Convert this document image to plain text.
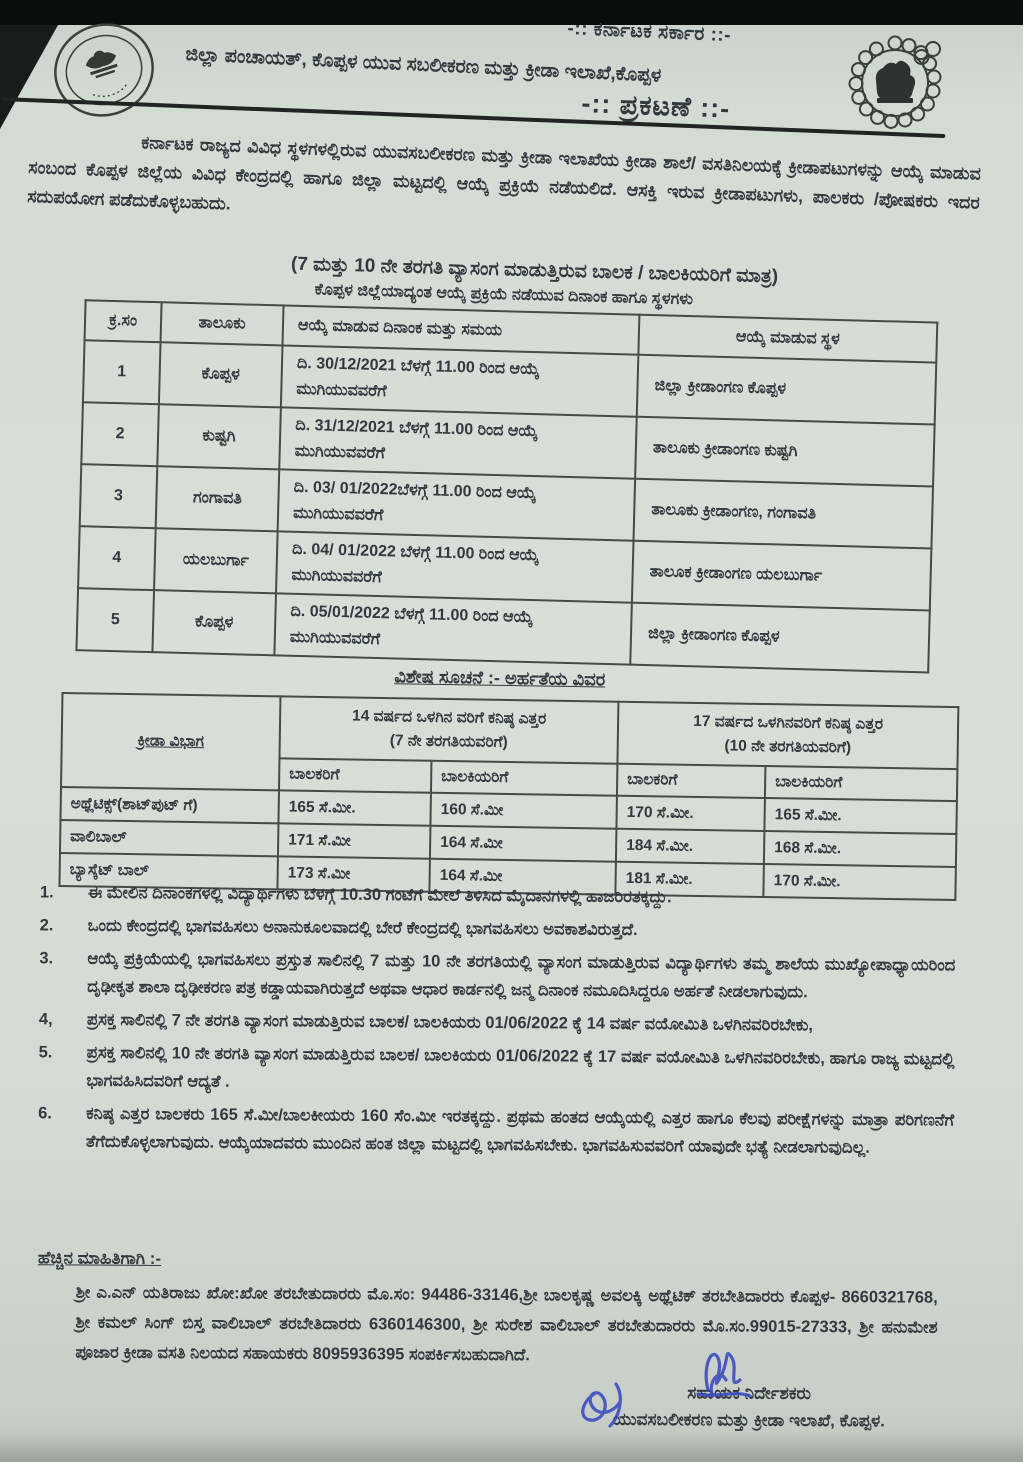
-:: ಕರ್ನಾಟಕ ಸರ್ಕಾರ ::-
ಜಿಲ್ಲಾ ಪಂಚಾಯತ್, ಕೊಪ್ಪಳ ಯುವ ಸಬಲೀಕರಣ ಮತ್ತು ಕ್ರೀಡಾ ಇಲಾಖೆ,ಕೊಪ್ಪಳ
-:: ಪ್ರಕಟಣೆ ::-

ಕರ್ನಾಟಕ ರಾಜ್ಯದ ವಿವಿಧ ಸ್ಥಳಗಳಲ್ಲಿರುವ ಯುವಸಬಲೀಕರಣ ಮತ್ತು ಕ್ರೀಡಾ ಇಲಾಖೆಯ ಕ್ರೀಡಾ ಶಾಲೆ/ ವಸತಿನಿಲಯಕ್ಕೆ ಕ್ರೀಡಾಪಟುಗಳನ್ನು ಆಯ್ಕೆ ಮಾಡುವ ಸಂಬಂದ ಕೊಪ್ಪಳ ಜಿಲ್ಲೆಯ ವಿವಿಧ ಕೇಂದ್ರದಲ್ಲಿ ಹಾಗೂ ಜಿಲ್ಲಾ ಮಟ್ಟದಲ್ಲಿ ಆಯ್ಕೆ ಪ್ರಕ್ರಿಯೆ ನಡೆಯಲಿದೆ. ಆಸಕ್ತಿ ಇರುವ ಕ್ರೀಡಾಪಟುಗಳು, ಪಾಲಕರು /ಪೋಷಕರು ಇದರ ಸದುಪಯೋಗ ಪಡೆದುಕೊಳ್ಳಬಹುದು.

(7 ಮತ್ತು 10 ನೇ ತರಗತಿ ವ್ಯಾಸಂಗ ಮಾಡುತ್ತಿರುವ ಬಾಲಕ / ಬಾಲಕಿಯರಿಗೆ ಮಾತ್ರ)
ಕೊಪ್ಪಳ ಜಿಲ್ಲೆಯಾದ್ಯಂತ ಆಯ್ಕೆ ಪ್ರಕ್ರಿಯೆ ನಡೆಯುವ ದಿನಾಂಕ ಹಾಗೂ ಸ್ಥಳಗಳು
ಕ್ರ.ಸಂ	ತಾಲೂಕು	ಆಯ್ಕೆ ಮಾಡುವ ದಿನಾಂಕ ಮತ್ತು ಸಮಯ	ಆಯ್ಕೆ ಮಾಡುವ ಸ್ಥಳ
1	ಕೊಪ್ಪಳ	ದಿ. 30/12/2021 ಬೆಳಗ್ಗೆ 11.00 ರಿಂದ ಆಯ್ಕೆ ಮುಗಿಯುವವರೆಗೆ	ಜಿಲ್ಲಾ ಕ್ರೀಡಾಂಗಣ ಕೊಪ್ಪಳ
2	ಕುಷ್ಟಗಿ	ದಿ. 31/12/2021 ಬೆಳಗ್ಗೆ 11.00 ರಿಂದ ಆಯ್ಕೆ ಮುಗಿಯುವವರೆಗೆ	ತಾಲೂಕು ಕ್ರೀಡಾಂಗಣ ಕುಷ್ಟಗಿ
3	ಗಂಗಾವತಿ	ದಿ. 03/ 01/2022ಬೆಳಗ್ಗೆ 11.00 ರಿಂದ ಆಯ್ಕೆ ಮುಗಿಯುವವರೆಗೆ	ತಾಲೂಕು ಕ್ರೀಡಾಂಗಣ, ಗಂಗಾವತಿ
4	ಯಲಬುರ್ಗಾ	ದಿ. 04/ 01/2022 ಬೆಳಗ್ಗೆ 11.00 ರಿಂದ ಆಯ್ಕೆ ಮುಗಿಯುವವರೆಗೆ	ತಾಲೂಕ ಕ್ರೀಡಾಂಗಣ ಯಲಬುರ್ಗಾ
5	ಕೊಪ್ಪಳ	ದಿ. 05/01/2022 ಬೆಳಗ್ಗೆ 11.00 ರಿಂದ ಆಯ್ಕೆ ಮುಗಿಯುವವರೆಗೆ	ಜಿಲ್ಲಾ ಕ್ರೀಡಾಂಗಣ ಕೊಪ್ಪಳ
ವಿಶೇಷ ಸೂಚನೆ :- ಅರ್ಹತೆಯ ವಿವರ
ಕ್ರೀಡಾ ವಿಭಾಗ	
14 ವರ್ಷದ ಒಳಗಿನ ವರಿಗೆ ಕನಿಷ್ಠ ಎತ್ತರ
(7 ನೇ ತರಗತಿಯವರಿಗೆ)

17 ವರ್ಷದ ಒಳಗಿನವರಿಗೆ ಕನಿಷ್ಠ ಎತ್ತರ
(10 ನೇ ತರಗತಿಯವರಿಗೆ)

	ಬಾಲಕರಿಗೆ	ಬಾಲಕಿಯರಿಗೆ	ಬಾಲಕರಿಗೆ	ಬಾಲಕಿಯರಿಗೆ
ಅಥ್ಲೆಟಿಕ್ಸ್(ಶಾಟ್‌ಪುಟ್ ಗೆ)	165 ಸೆ.ಮೀ.	160 ಸೆ.ಮೀ	170 ಸೆ.ಮೀ.	165 ಸೆ.ಮೀ.
ವಾಲಿಬಾಲ್	171 ಸೆ.ಮೀ	164 ಸೆ.ಮೀ	184 ಸೆ.ಮೀ.	168 ಸೆ.ಮೀ.
ಬ್ಯಾಸ್ಕೆಟ್ ಬಾಲ್	173 ಸೆ.ಮೀ	164 ಸೆ.ಮೀ	181 ಸೆ.ಮೀ.	170 ಸೆ.ಮೀ.
1.	ಈ ಮೇಲಿನ ದಿನಾಂಕಗಳಲ್ಲಿ ವಿದ್ಯಾರ್ಥಿಗಳು ಬೆಳಗ್ಗೆ 10.30 ಗಂಟೆಗೆ ಮೇಲೆ ತಿಳಿಸಿದ ಮೈದಾನಗಳಲ್ಲಿ ಹಾಜರಿರತಕ್ಕದ್ದು.
2.	ಒಂದು ಕೇಂದ್ರದಲ್ಲಿ ಭಾಗವಹಿಸಲು ಅನಾನುಕೂಲವಾದಲ್ಲಿ ಬೇರೆ ಕೇಂದ್ರದಲ್ಲಿ ಭಾಗವಹಿಸಲು ಅವಕಾಶವಿರುತ್ತದೆ.
3.	ಆಯ್ಕೆ ಪ್ರಕ್ರಿಯೆಯಲ್ಲಿ ಭಾಗವಹಿಸಲು ಪ್ರಸ್ತುತ ಸಾಲಿನಲ್ಲಿ 7 ಮತ್ತು 10 ನೇ ತರಗತಿಯಲ್ಲಿ ವ್ಯಾಸಂಗ ಮಾಡುತ್ತಿರುವ ವಿದ್ಯಾರ್ಥಿಗಳು ತಮ್ಮ ಶಾಲೆಯ ಮುಖ್ಯೋಪಾಧ್ಯಾಯರಿಂದ ದೃಢೀಕೃತ ಶಾಲಾ ದೃಢೀಕರಣ ಪತ್ರ ಕಡ್ಡಾಯವಾಗಿರುತ್ತದೆ ಅಥವಾ ಆಧಾರ ಕಾರ್ಡನಲ್ಲಿ ಜನ್ಮ ದಿನಾಂಕ ನಮೂದಿಸಿದ್ದರೂ ಅರ್ಹತೆ ನೀಡಲಾಗುವುದು.
4,	ಪ್ರಸಕ್ತ ಸಾಲಿನಲ್ಲಿ 7 ನೇ ತರಗತಿ ವ್ಯಾಸಂಗ ಮಾಡುತ್ತಿರುವ ಬಾಲಕ/ ಬಾಲಕಿಯರು 01/06/2022 ಕ್ಕೆ 14 ವರ್ಷ ವಯೋಮಿತಿ ಒಳಗಿನವರಿರಬೇಕು,
5.	ಪ್ರಸಕ್ತ ಸಾಲಿನಲ್ಲಿ 10 ನೇ ತರಗತಿ ವ್ಯಾಸಂಗ ಮಾಡುತ್ತಿರುವ ಬಾಲಕ/ ಬಾಲಕಿಯರು 01/06/2022 ಕ್ಕೆ 17 ವರ್ಷ ವಯೋಮಿತಿ ಒಳಗಿನವರಿರಬೇಕು, ಹಾಗೂ ರಾಜ್ಯ ಮಟ್ಟದಲ್ಲಿ ಭಾಗವಹಿಸಿದವರಿಗೆ ಆದ್ಯತೆ .
6.	ಕನಿಷ್ಠ ಎತ್ತರ ಬಾಲಕರು 165 ಸೆ.ಮೀ/ಬಾಲಕೀಯರು 160 ಸೆಂ.ಮೀ ಇರತಕ್ಕದ್ದು. ಪ್ರಥಮ ಹಂತದ ಆಯ್ಕೆಯಲ್ಲಿ ಎತ್ತರ ಹಾಗೂ ಕೆಲವು ಪರೀಕ್ಷೆಗಳನ್ನು ಮಾತ್ರಾ ಪರಿಗಣನೆಗೆ ತೆಗೆದುಕೊಳ್ಳಲಾಗುವುದು. ಆಯ್ಕೆಯಾದವರು ಮುಂದಿನ ಹಂತ ಜಿಲ್ಲಾ ಮಟ್ಟದಲ್ಲಿ ಭಾಗವಹಿಸಬೇಕು. ಭಾಗವಹಿಸುವವರಿಗೆ ಯಾವುದೇ ಭತ್ಯೆ ನೀಡಲಾಗುವುದಿಲ್ಲ.
ಹೆಚ್ಚಿನ ಮಾಹಿತಿಗಾಗಿ :-

ಶ್ರೀ ಎ.ಎನ್ ಯತಿರಾಜು ಖೋ:ಖೋ ತರಬೇತುದಾರರು ಮೊ.ಸಂ: 94486-33146,ಶ್ರೀ ಬಾಲಕೃಷ್ಣ ಅವಲಕ್ಕಿ ಅಥ್ಲೆಟಿಕ್ ತರಬೇತಿದಾರರು ಕೊಪ್ಪಳ- 8660321768, ಶ್ರೀ ಕಮಲ್ ಸಿಂಗ್ ಬಿಸ್ತ ವಾಲಿಬಾಲ್ ತರಬೇತಿದಾರರು 6360146300, ಶ್ರೀ ಸುರೇಶ ವಾಲಿಬಾಲ್ ತರಬೇತುದಾರರು ಮೊ.ಸಂ.99015-27333, ಶ್ರೀ ಹನುಮೇಶ ಪೂಜಾರ ಕ್ರೀಡಾ ವಸತಿ ನಿಲಯದ ಸಹಾಯಕರು 8095936395 ಸಂಪರ್ಕಿಸಬಹುದಾಗಿದೆ.

ಸಹಾಯಕ ನಿರ್ದೇಶಕರು
ಯುವಸಬಲೀಕರಣ ಮತ್ತು ಕ್ರೀಡಾ ಇಲಾಖೆ, ಕೊಪ್ಪಳ.
